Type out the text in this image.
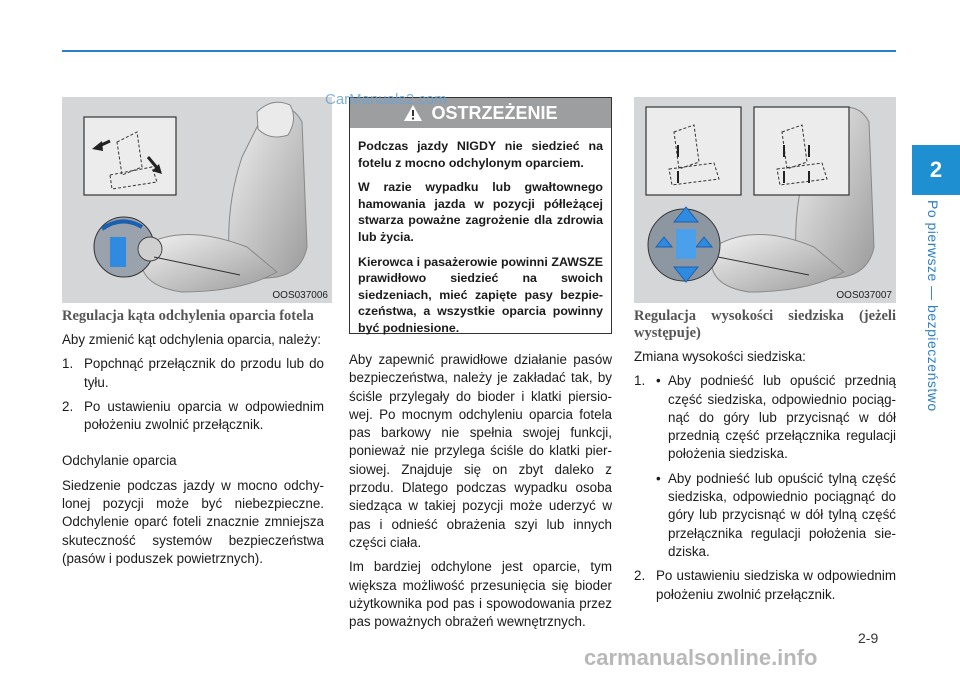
2
Po pierwsze — bezpieczeństwo
OOS037006
Regulacja kąta odchylenia oparcia fotela

Aby zmienić kąt odchylenia oparcia, należy:

1. Popchnąć przełącznik do przodu lub do tyłu.
2. Po ustawieniu oparcia w odpowiednim położeniu zwolnić przełącznik.

Odchylanie oparcia

Siedzenie podczas jazdy w mocno odchylonej pozycji może być niebezpieczne. Odchylenie oparć foteli znacznie zmniejsza skuteczność systemów bezpieczeństwa (pasów i poduszek powietrznych).

OSTRZEŻENIE

Podczas jazdy NIGDY nie siedzieć na fotelu z mocno odchylonym oparciem.

W razie wypadku lub gwałtownego hamowania jazda w pozycji półleżącej stwarza poważne zagrożenie dla zdrowia lub życia.

Kierowca i pasażerowie powinni ZAWSZE prawidłowo siedzieć na swoich siedzeniach, mieć zapięte pasy bezpieczeństwa, a wszystkie oparcia powinny być podniesione.

Aby zapewnić prawidłowe działanie pasów bezpieczeństwa, należy je zakładać tak, by ściśle przylegały do bioder i klatki piersiowej. Po mocnym odchyleniu oparcia fotela pas barkowy nie spełnia swojej funkcji, ponieważ nie przylega ściśle do klatki piersiowej. Znajduje się on zbyt daleko z przodu. Dlatego podczas wypadku osoba siedząca w takiej pozycji może uderzyć w pas i odnieść obrażenia szyi lub innych części ciała.

Im bardziej odchylone jest oparcie, tym większa możliwość przesunięcia się bioder użytkownika pod pas i spowodowania przez pas poważnych obrażeń wewnętrznych.

OOS037007
Regulacja wysokości siedziska (jeżeli występuje)

Zmiana wysokości siedziska:

1. • Aby podnieść lub opuścić przednią część siedziska, odpowiednio pociągnąć do góry lub przycisnąć w dół przednią część przełącznika regulacji położenia siedziska.
• Aby podnieść lub opuścić tylną część siedziska, odpowiednio pociągnąć do góry lub przycisnąć w dół tylną część przełącznika regulacji położenia siedziska.
2. Po ustawieniu siedziska w odpowiednim położeniu zwolnić przełącznik.
CarManuals2.com
2-9
carmanualsonline.info
